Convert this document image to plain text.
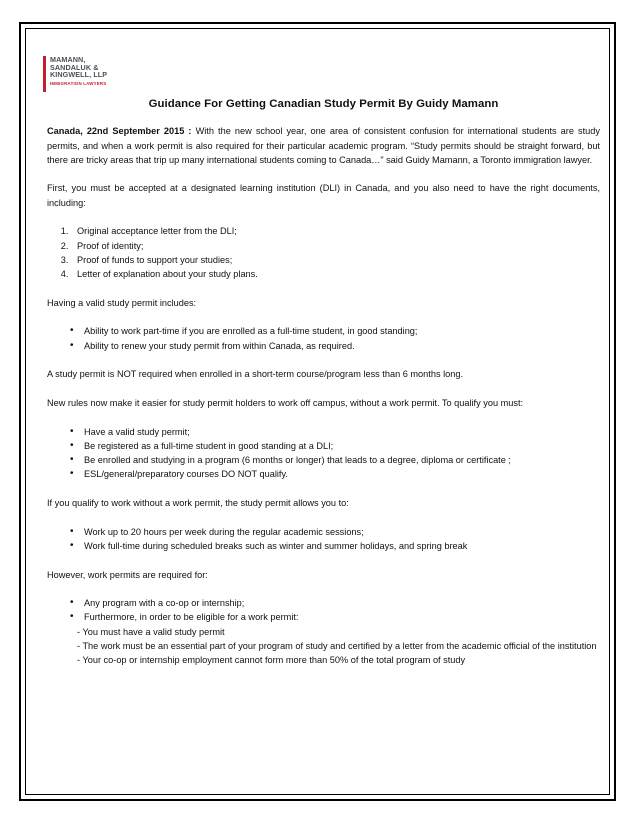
MAMANN,
SANDALUK &
KINGWELL, LLP
IMMIGRATION LAWYERS
Guidance For Getting Canadian Study Permit By Guidy Mamann

Canada, 22nd September 2015 : With the new school year, one area of consistent confusion for international students are study permits, and when a work permit is also required for their particular academic program. “Study permits should be straight forward, but there are tricky areas that trip up many international students coming to Canada…” said Guidy Mamann, a Toronto immigration lawyer.

First, you must be accepted at a designated learning institution (DLI) in Canada, and you also need to have the right documents, including:

1. Original acceptance letter from the DLI;
2. Proof of identity;
3. Proof of funds to support your studies;
4. Letter of explanation about your study plans.

Having a valid study permit includes:

• Ability to work part-time if you are enrolled as a full-time student, in good standing;
• Ability to renew your study permit from within Canada, as required.

A study permit is NOT required when enrolled in a short-term course/program less than 6 months long.

New rules now make it easier for study permit holders to work off campus, without a work permit. To qualify you must:

• Have a valid study permit;
• Be registered as a full-time student in good standing at a DLI;
• Be enrolled and studying in a program (6 months or longer) that leads to a degree, diploma or certificate ;
• ESL/general/preparatory courses DO NOT qualify.

If you qualify to work without a work permit, the study permit allows you to:

• Work up to 20 hours per week during the regular academic sessions;
• Work full-time during scheduled breaks such as winter and summer holidays, and spring break

However, work permits are required for:

• Any program with a co-op or internship;
• Furthermore, in order to be eligible for a work permit:
- You must have a valid study permit
- The work must be an essential part of your program of study and certified by a letter from the academic official of the institution
- Your co-op or internship employment cannot form more than 50% of the total program of study
